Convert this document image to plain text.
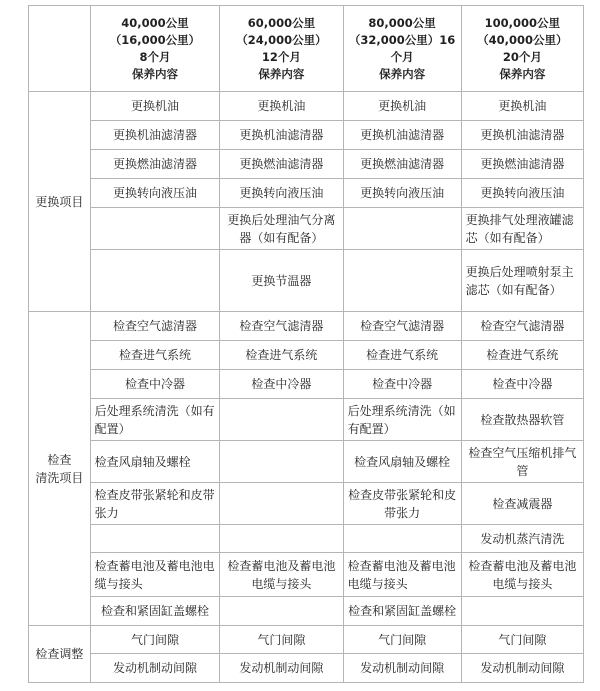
	40,000公里
（16,000公里）
8个月
保养内容	60,000公里
（24,000公里）
12个月
保养内容	80,000公里
（32,000公里）16
个月
保养内容	100,000公里
（40,000公里）
20个月
保养内容

更换项目	更换机油	更换机油	更换机油	更换机油
	更换机油滤清器	更换机油滤清器	更换机油滤清器	更换机油滤清器
	更换燃油滤清器	更换燃油滤清器	更换燃油滤清器	更换燃油滤清器
	更换转向液压油	更换转向液压油	更换转向液压油	更换转向液压油
		更换后处理油气分离器（如有配备）		更换排气处理液罐滤芯（如有配备）
		更换节温器		更换后处理喷射泵主滤芯（如有配备）

检查
清洗项目	检查空气滤清器	检查空气滤清器	检查空气滤清器	检查空气滤清器
	检查进气系统	检查进气系统	检查进气系统	检查进气系统
	检查中冷器	检查中冷器	检查中冷器	检查中冷器
	后处理系统清洗（如有配置）		后处理系统清洗（如有配置）	检查散热器软管
	检查风扇轴及螺栓		检查风扇轴及螺栓	检查空气压缩机排气管
	检查皮带张紧轮和皮带张力		检查皮带张紧轮和皮带张力	检查减震器
				发动机蒸汽清洗
	检查蓄电池及蓄电池电缆与接头	检查蓄电池及蓄电池电缆与接头	检查蓄电池及蓄电池电缆与接头	检查蓄电池及蓄电池电缆与接头
	检查和紧固缸盖螺栓		检查和紧固缸盖螺栓	
检查调整	气门间隙	气门间隙	气门间隙	气门间隙
	发动机制动间隙	发动机制动间隙	发动机制动间隙	发动机制动间隙
